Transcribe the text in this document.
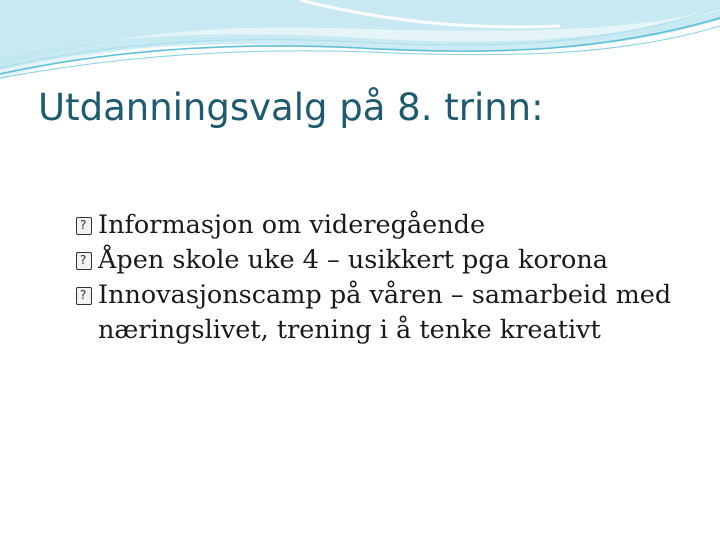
Utdanningsvalg på 8. trinn:
?
Informasjon om videregående
?
Åpen skole uke 4 – usikkert pga korona
?
Innovasjonscamp på våren – samarbeid med næringslivet, trening i å tenke kreativt
